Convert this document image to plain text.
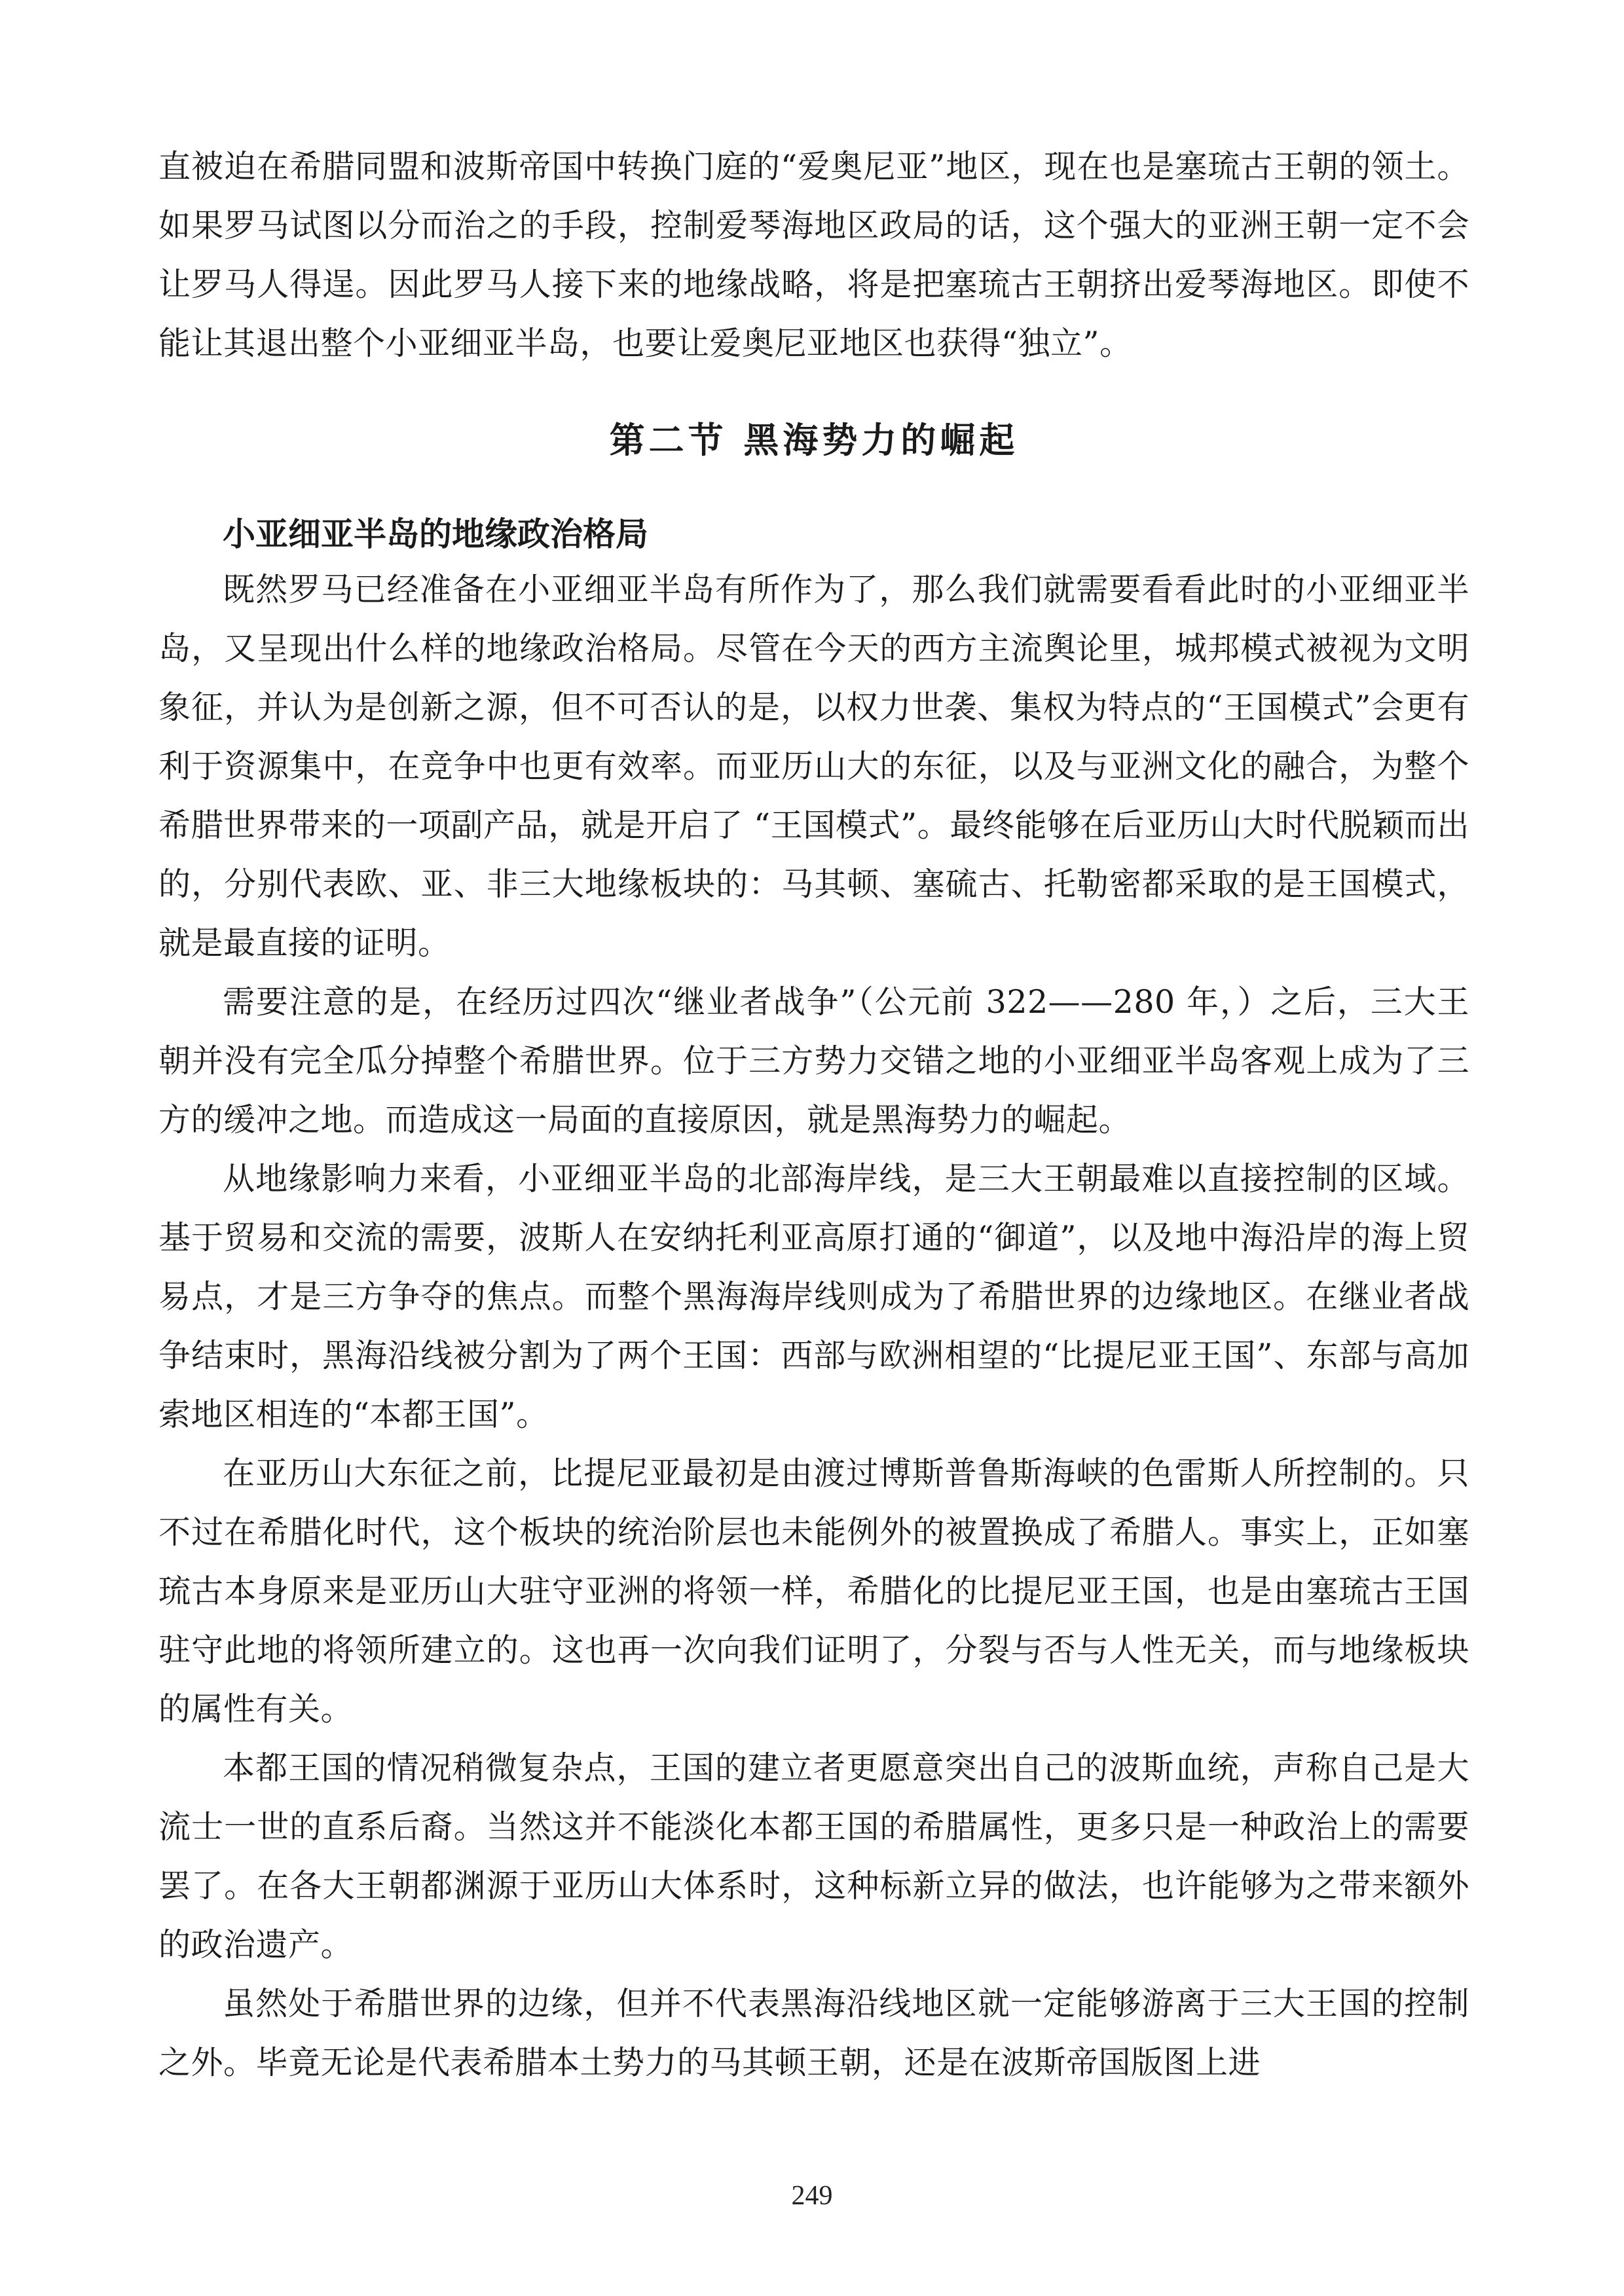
直被迫在希腊同盟和波斯帝国中转换门庭的“爱奥尼亚”地区，现在也是塞琉古王朝的领土。如果罗马试图以分而治之的手段，控制爱琴海地区政局的话，这个强大的亚洲王朝一定不会让罗马人得逞。因此罗马人接下来的地缘战略，将是把塞琉古王朝挤出爱琴海地区。即使不能让其退出整个小亚细亚半岛，也要让爱奥尼亚地区也获得“独立”。

第二节 黑海势力的崛起
小亚细亚半岛的地缘政治格局

既然罗马已经准备在小亚细亚半岛有所作为了，那么我们就需要看看此时的小亚细亚半岛，又呈现出什么样的地缘政治格局。尽管在今天的西方主流舆论里，城邦模式被视为文明象征，并认为是创新之源，但不可否认的是，以权力世袭、集权为特点的“王国模式”会更有利于资源集中，在竞争中也更有效率。而亚历山大的东征，以及与亚洲文化的融合，为整个希腊世界带来的一项副产品，就是开启了 “王国模式”。最终能够在后亚历山大时代脱颖而出的，分别代表欧、亚、非三大地缘板块的：马其顿、塞硫古、托勒密都采取的是王国模式，就是最直接的证明。

需要注意的是，在经历过四次“继业者战争”（公元前 322——280 年，）之后，三大王朝并没有完全瓜分掉整个希腊世界。位于三方势力交错之地的小亚细亚半岛客观上成为了三方的缓冲之地。而造成这一局面的直接原因，就是黑海势力的崛起。

从地缘影响力来看，小亚细亚半岛的北部海岸线，是三大王朝最难以直接控制的区域。基于贸易和交流的需要，波斯人在安纳托利亚高原打通的“御道”，以及地中海沿岸的海上贸易点，才是三方争夺的焦点。而整个黑海海岸线则成为了希腊世界的边缘地区。在继业者战争结束时，黑海沿线被分割为了两个王国：西部与欧洲相望的“比提尼亚王国”、东部与高加索地区相连的“本都王国”。

在亚历山大东征之前，比提尼亚最初是由渡过博斯普鲁斯海峡的色雷斯人所控制的。只不过在希腊化时代，这个板块的统治阶层也未能例外的被置换成了希腊人。事实上，正如塞琉古本身原来是亚历山大驻守亚洲的将领一样，希腊化的比提尼亚王国，也是由塞琉古王国驻守此地的将领所建立的。这也再一次向我们证明了，分裂与否与人性无关，而与地缘板块的属性有关。

本都王国的情况稍微复杂点，王国的建立者更愿意突出自己的波斯血统，声称自己是大流士一世的直系后裔。当然这并不能淡化本都王国的希腊属性，更多只是一种政治上的需要罢了。在各大王朝都渊源于亚历山大体系时，这种标新立异的做法，也许能够为之带来额外的政治遗产。

虽然处于希腊世界的边缘，但并不代表黑海沿线地区就一定能够游离于三大王国的控制之外。毕竟无论是代表希腊本土势力的马其顿王朝，还是在波斯帝国版图上进

249
